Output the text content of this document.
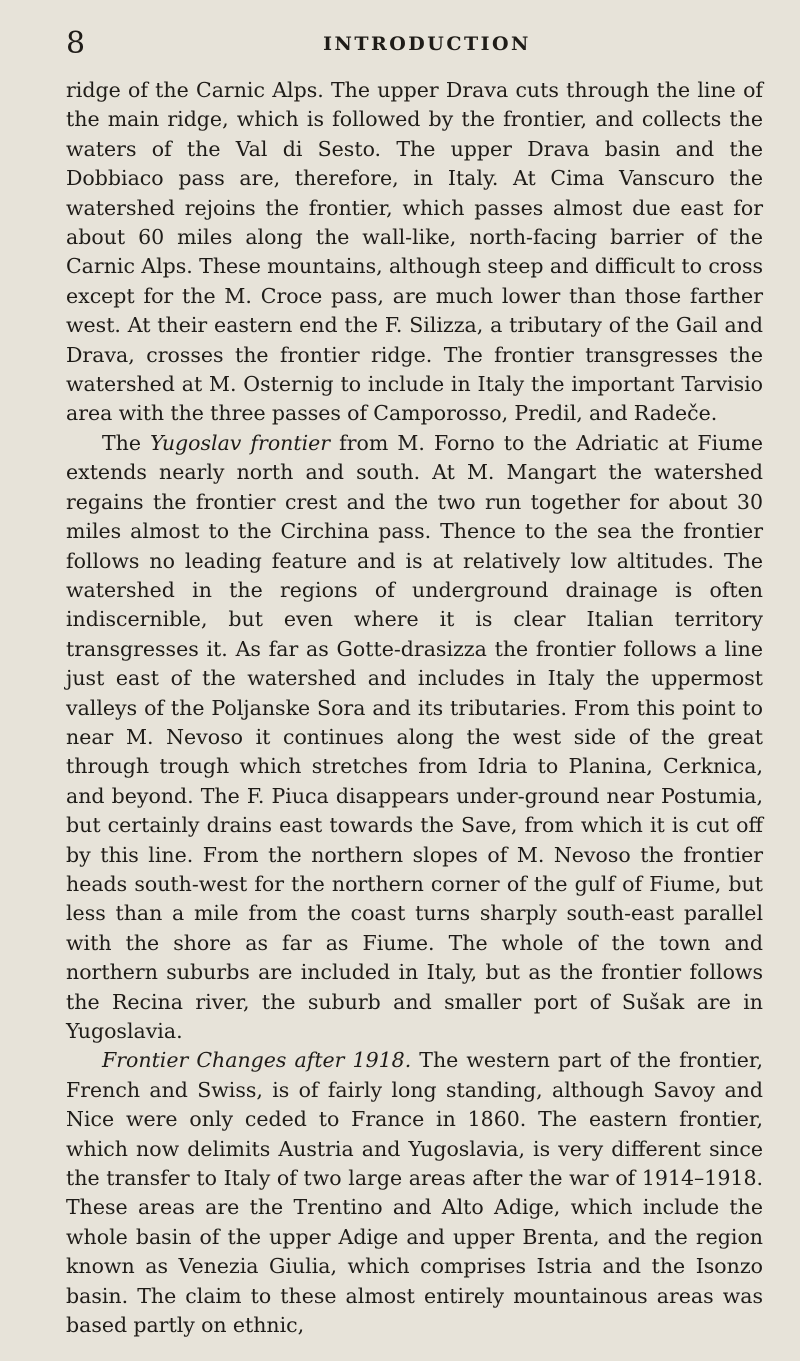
8	INTRODUCTION

ridge of the Carnic Alps. The upper Drava cuts through the line of the main ridge, which is followed by the frontier, and collects the waters of the Val di Sesto. The upper Drava basin and the Dobbiaco pass are, therefore, in Italy. At Cima Vanscuro the watershed rejoins the frontier, which passes almost due east for about 60 miles along the wall-like, north-facing barrier of the Carnic Alps. These mountains, although steep and difficult to cross except for the M. Croce pass, are much lower than those farther west. At their eastern end the F. Silizza, a tributary of the Gail and Drava, crosses the frontier ridge. The frontier transgresses the watershed at M. Osternig to include in Italy the important Tarvisio area with the three passes of Camporosso, Predil, and Radeče.

The Yugoslav frontier from M. Forno to the Adriatic at Fiume extends nearly north and south. At M. Mangart the watershed regains the frontier crest and the two run together for about 30 miles almost to the Circhina pass. Thence to the sea the frontier follows no leading feature and is at relatively low altitudes. The watershed in the regions of underground drainage is often indiscernible, but even where it is clear Italian territory transgresses it. As far as Gotte-drasizza the frontier follows a line just east of the watershed and includes in Italy the uppermost valleys of the Poljanske Sora and its tributaries. From this point to near M. Nevoso it continues along the west side of the great through trough which stretches from Idria to Planina, Cerknica, and beyond. The F. Piuca disappears under-ground near Postumia, but certainly drains east towards the Save, from which it is cut off by this line. From the northern slopes of M. Nevoso the frontier heads south-west for the northern corner of the gulf of Fiume, but less than a mile from the coast turns sharply south-east parallel with the shore as far as Fiume. The whole of the town and northern suburbs are included in Italy, but as the frontier follows the Recina river, the suburb and smaller port of Sušak are in Yugoslavia.

Frontier Changes after 1918. The western part of the frontier, French and Swiss, is of fairly long standing, although Savoy and Nice were only ceded to France in 1860. The eastern frontier, which now delimits Austria and Yugoslavia, is very different since the transfer to Italy of two large areas after the war of 1914–1918. These areas are the Trentino and Alto Adige, which include the whole basin of the upper Adige and upper Brenta, and the region known as Venezia Giulia, which comprises Istria and the Isonzo basin. The claim to these almost entirely mountainous areas was based partly on ethnic,
